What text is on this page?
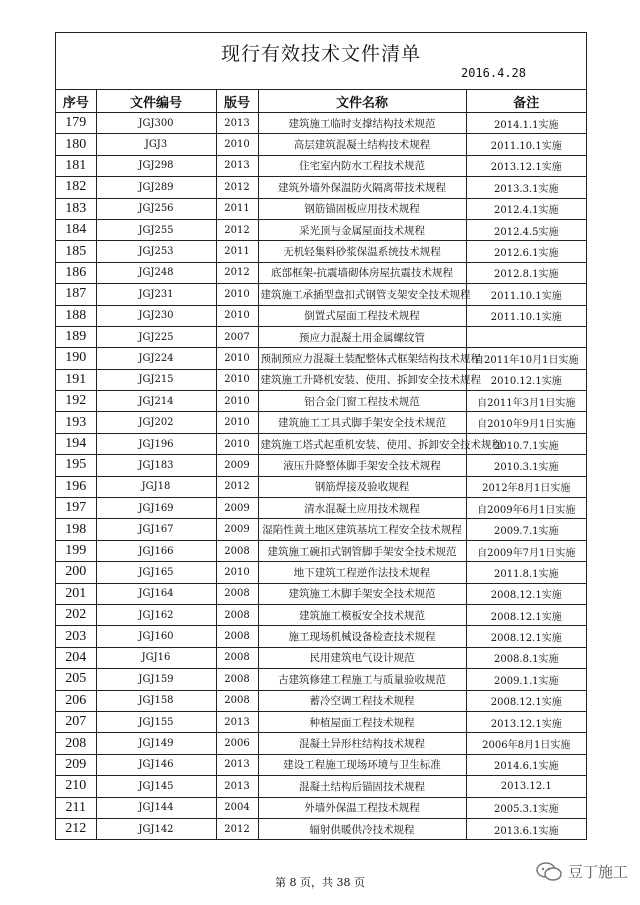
现行有效技术文件清单
2016.4.28
序号	文件编号	版号	文件名称	备注
179	JGJ300	2013	建筑施工临时支撑结构技术规范	2014.1.1实施
180	JGJ3	2010	高层建筑混凝土结构技术规程	2011.10.1实施
181	JGJ298	2013	住宅室内防水工程技术规范	2013.12.1实施
182	JGJ289	2012	建筑外墙外保温防火隔离带技术规程	2013.3.1实施
183	JGJ256	2011	钢筋锚固板应用技术规程	2012.4.1实施
184	JGJ255	2012	采光顶与金属屋面技术规程	2012.4.5实施
185	JGJ253	2011	无机轻集料砂浆保温系统技术规程	2012.6.1实施
186	JGJ248	2012	底部框架-抗震墙砌体房屋抗震技术规程	2012.8.1实施
187	JGJ231	2010	建筑施工承插型盘扣式钢管支架安全技术规程	2011.10.1实施
188	JGJ230	2010	倒置式屋面工程技术规程	2011.10.1实施
189	JGJ225	2007	预应力混凝土用金属螺纹管	
190	JGJ224	2010	预制预应力混凝土装配整体式框架结构技术规程	自2011年10月1日实施
191	JGJ215	2010	建筑施工升降机安装、使用、拆卸安全技术规程	2010.12.1实施
192	JGJ214	2010	铝合金门窗工程技术规范	自2011年3月1日实施
193	JGJ202	2010	建筑施工工具式脚手架安全技术规范	自2010年9月1日实施
194	JGJ196	2010	建筑施工塔式起重机安装、使用、拆卸安全技术规程	2010.7.1实施
195	JGJ183	2009	液压升降整体脚手架安全技术规程	2010.3.1实施
196	JGJ18	2012	钢筋焊接及验收规程	2012年8月1日实施
197	JGJ169	2009	清水混凝土应用技术规程	自2009年6月1日实施
198	JGJ167	2009	湿陷性黄土地区建筑基坑工程安全技术规程	2009.7.1实施
199	JGJ166	2008	建筑施工碗扣式钢管脚手架安全技术规范	自2009年7月1日实施
200	JGJ165	2010	地下建筑工程逆作法技术规程	2011.8.1实施
201	JGJ164	2008	建筑施工木脚手架安全技术规范	2008.12.1实施
202	JGJ162	2008	建筑施工模板安全技术规范	2008.12.1实施
203	JGJ160	2008	施工现场机械设备检查技术规程	2008.12.1实施
204	JGJ16	2008	民用建筑电气设计规范	2008.8.1实施
205	JGJ159	2008	古建筑修建工程施工与质量验收规范	2009.1.1实施
206	JGJ158	2008	蓄冷空调工程技术规程	2008.12.1实施
207	JGJ155	2013	种植屋面工程技术规程	2013.12.1实施
208	JGJ149	2006	混凝土异形柱结构技术规程	2006年8月1日实施
209	JGJ146	2013	建设工程施工现场环境与卫生标准	2014.6.1实施
210	JGJ145	2013	混凝土结构后锚固技术规程	2013.12.1
211	JGJ144	2004	外墙外保温工程技术规程	2005.3.1实施
212	JGJ142	2012	辐射供暖供冷技术规程	2013.6.1实施
第 8 页，共 38 页
豆丁施工
